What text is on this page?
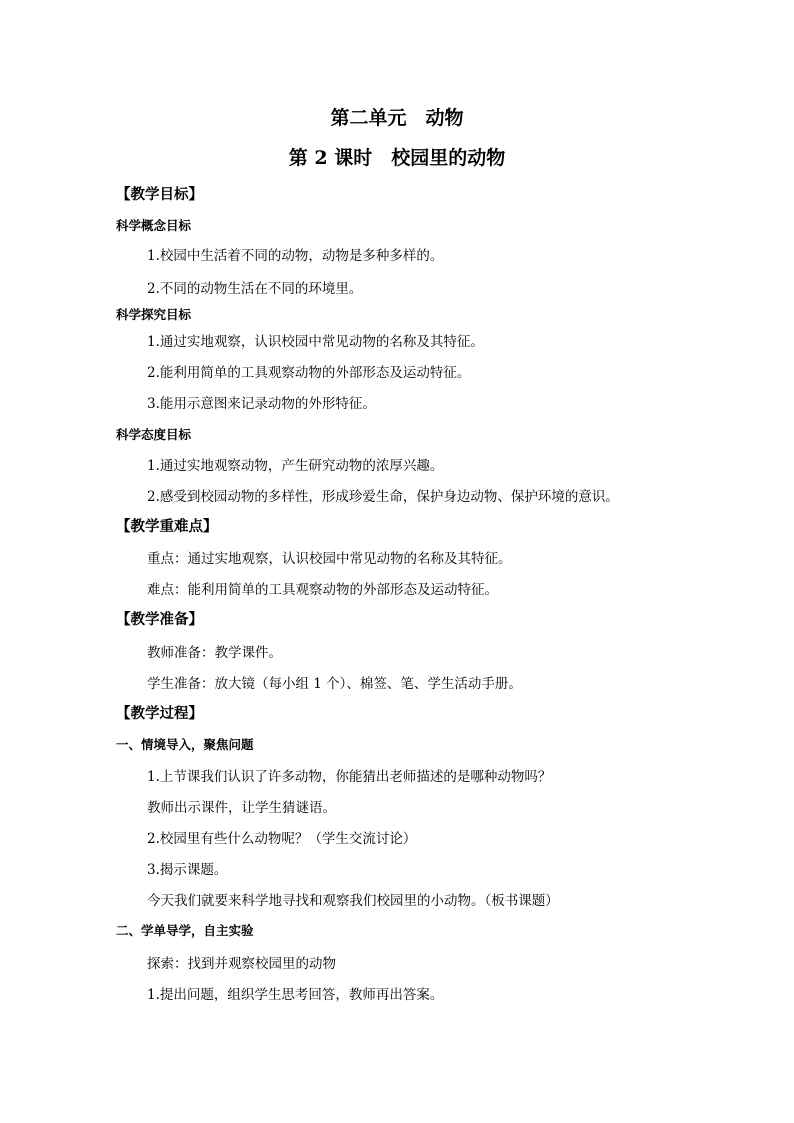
第二单元　动物
第 2 课时　校园里的动物
【教学目标】
科学概念目标
1.校园中生活着不同的动物，动物是多种多样的。
2.不同的动物生活在不同的环境里。
科学探究目标
1.通过实地观察，认识校园中常见动物的名称及其特征。
2.能利用简单的工具观察动物的外部形态及运动特征。
3.能用示意图来记录动物的外形特征。
科学态度目标
1.通过实地观察动物，产生研究动物的浓厚兴趣。
2.感受到校园动物的多样性，形成珍爱生命，保护身边动物、保护环境的意识。
【教学重难点】
重点：通过实地观察，认识校园中常见动物的名称及其特征。
难点：能利用简单的工具观察动物的外部形态及运动特征。
【教学准备】
教师准备：教学课件。
学生准备：放大镜（每小组 1 个）、棉签、笔、学生活动手册。
【教学过程】
一、情境导入，聚焦问题
1.上节课我们认识了许多动物，你能猜出老师描述的是哪种动物吗？
教师出示课件，让学生猜谜语。
2.校园里有些什么动物呢？（学生交流讨论）
3.揭示课题。
今天我们就要来科学地寻找和观察我们校园里的小动物。（板书课题）
二、学单导学，自主实验
探索：找到并观察校园里的动物
1.提出问题，组织学生思考回答，教师再出答案。
